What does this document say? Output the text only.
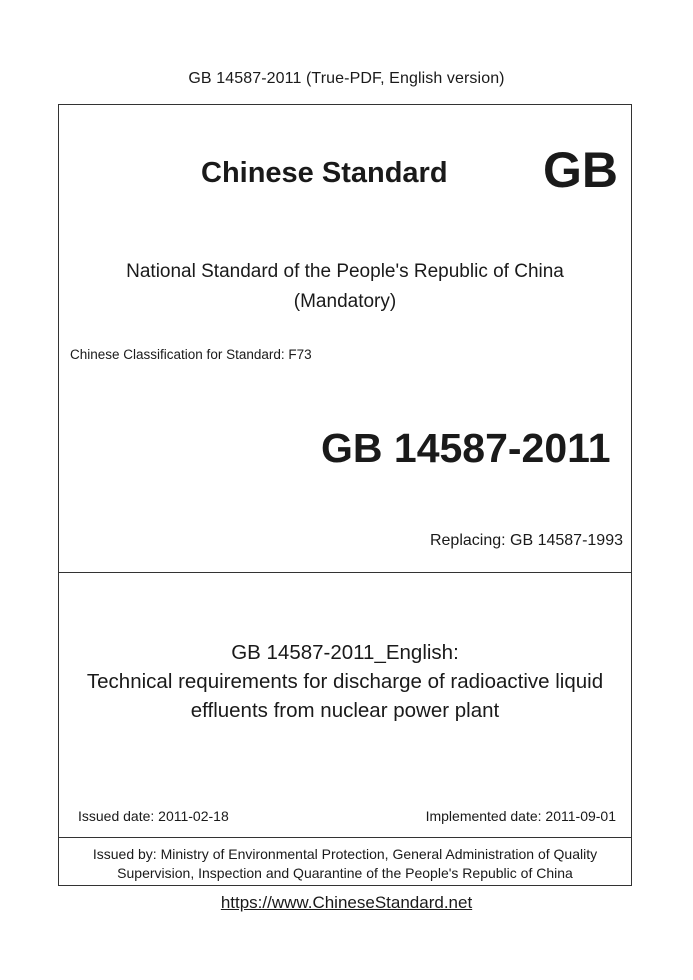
GB 14587-2011 (True-PDF, English version)
Chinese Standard GB
National Standard of the People's Republic of China
(Mandatory)
Chinese Classification for Standard: F73
GB 14587-2011
Replacing: GB 14587-1993
GB 14587-2011_English:
Technical requirements for discharge of radioactive liquid
effluents from nuclear power plant
Issued date: 2011-02-18	Implemented date: 2011-09-01
Issued by: Ministry of Environmental Protection, General Administration of Quality
Supervision, Inspection and Quarantine of the People's Republic of China
https://www.ChineseStandard.net
